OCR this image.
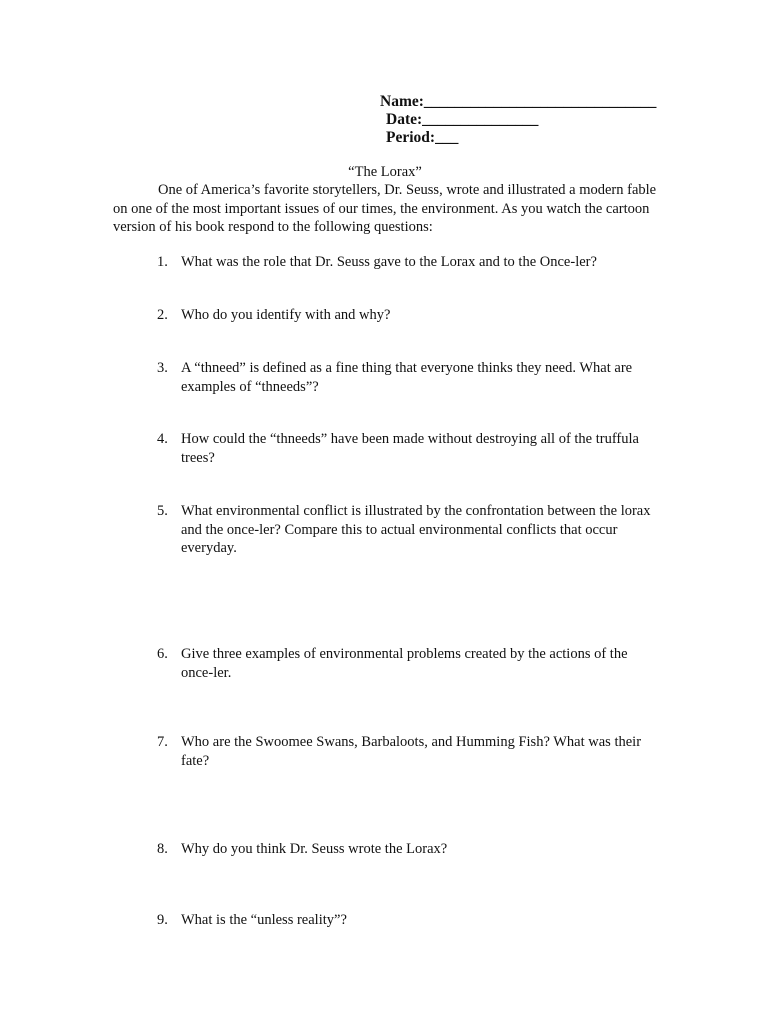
Name:______________________________
Date:_______________
Period:___
“The Lorax”
One of America’s favorite storytellers, Dr. Seuss, wrote and illustrated a modern fable on one of the most important issues of our times, the environment. As you watch the cartoon version of his book respond to the following questions:
1. What was the role that Dr. Seuss gave to the Lorax and to the Once-ler?
2. Who do you identify with and why?
3. A “thneed” is defined as a fine thing that everyone thinks they need. What are examples of “thneeds”?
4. How could the “thneeds” have been made without destroying all of the truffula trees?
5. What environmental conflict is illustrated by the confrontation between the lorax and the once-ler? Compare this to actual environmental conflicts that occur everyday.
6. Give three examples of environmental problems created by the actions of the once-ler.
7. Who are the Swoomee Swans, Barbaloots, and Humming Fish? What was their fate?
8. Why do you think Dr. Seuss wrote the Lorax?
9. What is the “unless reality”?
